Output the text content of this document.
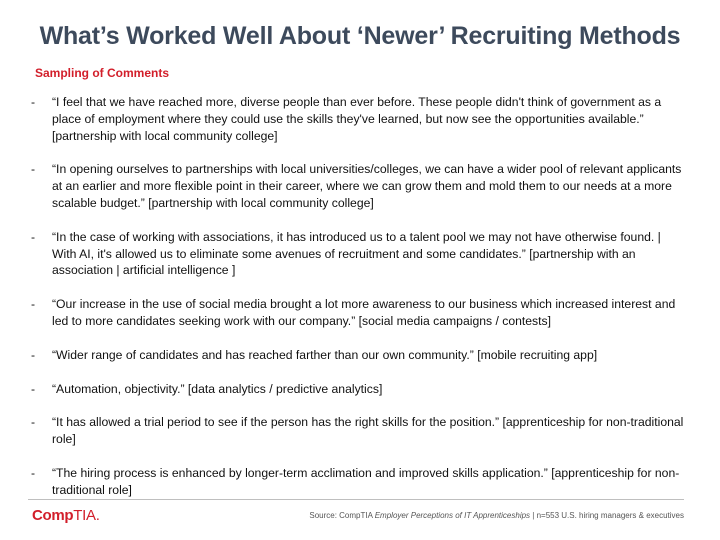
What’s Worked Well About ‘Newer’ Recruiting Methods
Sampling of Comments
- “I feel that we have reached more, diverse people than ever before. These people didn't think of government as a place of employment where they could use the skills they've learned, but now see the opportunities available.” [partnership with local community college]
- “In opening ourselves to partnerships with local universities/colleges, we can have a wider pool of relevant applicants at an earlier and more flexible point in their career, where we can grow them and mold them to our needs at a more scalable budget.” [partnership with local community college]
- “In the case of working with associations, it has introduced us to a talent pool we may not have otherwise found. | With AI, it's allowed us to eliminate some avenues of recruitment and some candidates.” [partnership with an association | artificial intelligence ]
- “Our increase in the use of social media brought a lot more awareness to our business which increased interest and led to more candidates seeking work with our company.” [social media campaigns / contests]
- “Wider range of candidates and has reached farther than our own community.” [mobile recruiting app]
- “Automation, objectivity.” [data analytics / predictive analytics]
- “It has allowed a trial period to see if the person has the right skills for the position.” [apprenticeship for non-traditional role]
- “The hiring process is enhanced by longer-term acclimation and improved skills application.” [apprenticeship for non-traditional role]
CompTIA.	Source: CompTIA Employer Perceptions of IT Apprenticeships | n=553 U.S. hiring managers & executives
